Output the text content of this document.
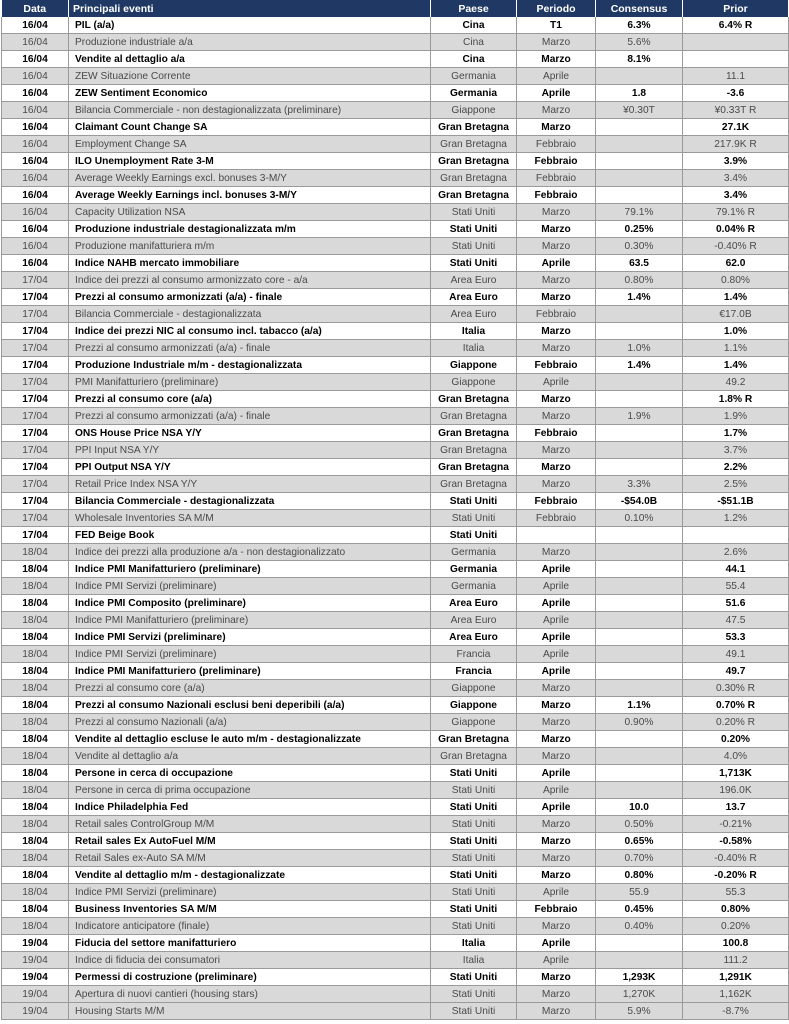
Data	Principali eventi	Paese	Periodo	Consensus	Prior
16/04	PIL (a/a)	Cina	T1	6.3%	6.4% R
16/04	Produzione industriale a/a	Cina	Marzo	5.6%	
16/04	Vendite al dettaglio a/a	Cina	Marzo	8.1%	
16/04	ZEW Situazione Corrente	Germania	Aprile		11.1
16/04	ZEW Sentiment Economico	Germania	Aprile	1.8	-3.6
16/04	Bilancia Commerciale - non destagionalizzata (preliminare)	Giappone	Marzo	¥0.30T	¥0.33T R
16/04	Claimant Count Change SA	Gran Bretagna	Marzo		27.1K
16/04	Employment Change SA	Gran Bretagna	Febbraio		217.9K R
16/04	ILO Unemployment Rate 3-M	Gran Bretagna	Febbraio		3.9%
16/04	Average Weekly Earnings excl. bonuses 3-M/Y	Gran Bretagna	Febbraio		3.4%
16/04	Average Weekly Earnings incl. bonuses 3-M/Y	Gran Bretagna	Febbraio		3.4%
16/04	Capacity Utilization NSA	Stati Uniti	Marzo	79.1%	79.1% R
16/04	Produzione industriale destagionalizzata m/m	Stati Uniti	Marzo	0.25%	0.04% R
16/04	Produzione manifatturiera m/m	Stati Uniti	Marzo	0.30%	-0.40% R
16/04	Indice NAHB mercato immobiliare	Stati Uniti	Aprile	63.5	62.0
17/04	Indice dei prezzi al consumo armonizzato core - a/a	Area Euro	Marzo	0.80%	0.80%
17/04	Prezzi al consumo armonizzati (a/a) - finale	Area Euro	Marzo	1.4%	1.4%
17/04	Bilancia Commerciale - destagionalizzata	Area Euro	Febbraio		€17.0B
17/04	Indice dei prezzi NIC al consumo incl. tabacco (a/a)	Italia	Marzo		1.0%
17/04	Prezzi al consumo armonizzati (a/a) - finale	Italia	Marzo	1.0%	1.1%
17/04	Produzione Industriale m/m - destagionalizzata	Giappone	Febbraio	1.4%	1.4%
17/04	PMI Manifatturiero (preliminare)	Giappone	Aprile		49.2
17/04	Prezzi al consumo core (a/a)	Gran Bretagna	Marzo		1.8% R
17/04	Prezzi al consumo armonizzati (a/a) - finale	Gran Bretagna	Marzo	1.9%	1.9%
17/04	ONS House Price NSA Y/Y	Gran Bretagna	Febbraio		1.7%
17/04	PPI Input NSA Y/Y	Gran Bretagna	Marzo		3.7%
17/04	PPI Output NSA Y/Y	Gran Bretagna	Marzo		2.2%
17/04	Retail Price Index NSA Y/Y	Gran Bretagna	Marzo	3.3%	2.5%
17/04	Bilancia Commerciale - destagionalizzata	Stati Uniti	Febbraio	-$54.0B	-$51.1B
17/04	Wholesale Inventories SA M/M	Stati Uniti	Febbraio	0.10%	1.2%
17/04	FED Beige Book	Stati Uniti			
18/04	Indice dei prezzi alla produzione a/a - non destagionalizzato	Germania	Marzo		2.6%
18/04	Indice PMI Manifatturiero (preliminare)	Germania	Aprile		44.1
18/04	Indice PMI Servizi (preliminare)	Germania	Aprile		55.4
18/04	Indice PMI Composito (preliminare)	Area Euro	Aprile		51.6
18/04	Indice PMI Manifatturiero (preliminare)	Area Euro	Aprile		47.5
18/04	Indice PMI Servizi (preliminare)	Area Euro	Aprile		53.3
18/04	Indice PMI Servizi (preliminare)	Francia	Aprile		49.1
18/04	Indice PMI Manifatturiero (preliminare)	Francia	Aprile		49.7
18/04	Prezzi al consumo core (a/a)	Giappone	Marzo		0.30% R
18/04	Prezzi al consumo Nazionali esclusi beni deperibili (a/a)	Giappone	Marzo	1.1%	0.70% R
18/04	Prezzi al consumo Nazionali (a/a)	Giappone	Marzo	0.90%	0.20% R
18/04	Vendite al dettaglio escluse le auto m/m - destagionalizzate	Gran Bretagna	Marzo		0.20%
18/04	Vendite al dettaglio a/a	Gran Bretagna	Marzo		4.0%
18/04	Persone in cerca di occupazione	Stati Uniti	Aprile		1,713K
18/04	Persone in cerca di prima occupazione	Stati Uniti	Aprile		196.0K
18/04	Indice Philadelphia Fed	Stati Uniti	Aprile	10.0	13.7
18/04	Retail sales ControlGroup M/M	Stati Uniti	Marzo	0.50%	-0.21%
18/04	Retail sales Ex AutoFuel M/M	Stati Uniti	Marzo	0.65%	-0.58%
18/04	Retail Sales ex-Auto SA M/M	Stati Uniti	Marzo	0.70%	-0.40% R
18/04	Vendite al dettaglio m/m - destagionalizzate	Stati Uniti	Marzo	0.80%	-0.20% R
18/04	Indice PMI Servizi (preliminare)	Stati Uniti	Aprile	55.9	55.3
18/04	Business Inventories SA M/M	Stati Uniti	Febbraio	0.45%	0.80%
18/04	Indicatore anticipatore (finale)	Stati Uniti	Marzo	0.40%	0.20%
19/04	Fiducia del settore manifatturiero	Italia	Aprile		100.8
19/04	Indice di fiducia dei consumatori	Italia	Aprile		111.2
19/04	Permessi di costruzione (preliminare)	Stati Uniti	Marzo	1,293K	1,291K
19/04	Apertura di nuovi cantieri (housing stars)	Stati Uniti	Marzo	1,270K	1,162K
19/04	Housing Starts M/M	Stati Uniti	Marzo	5.9%	-8.7%
